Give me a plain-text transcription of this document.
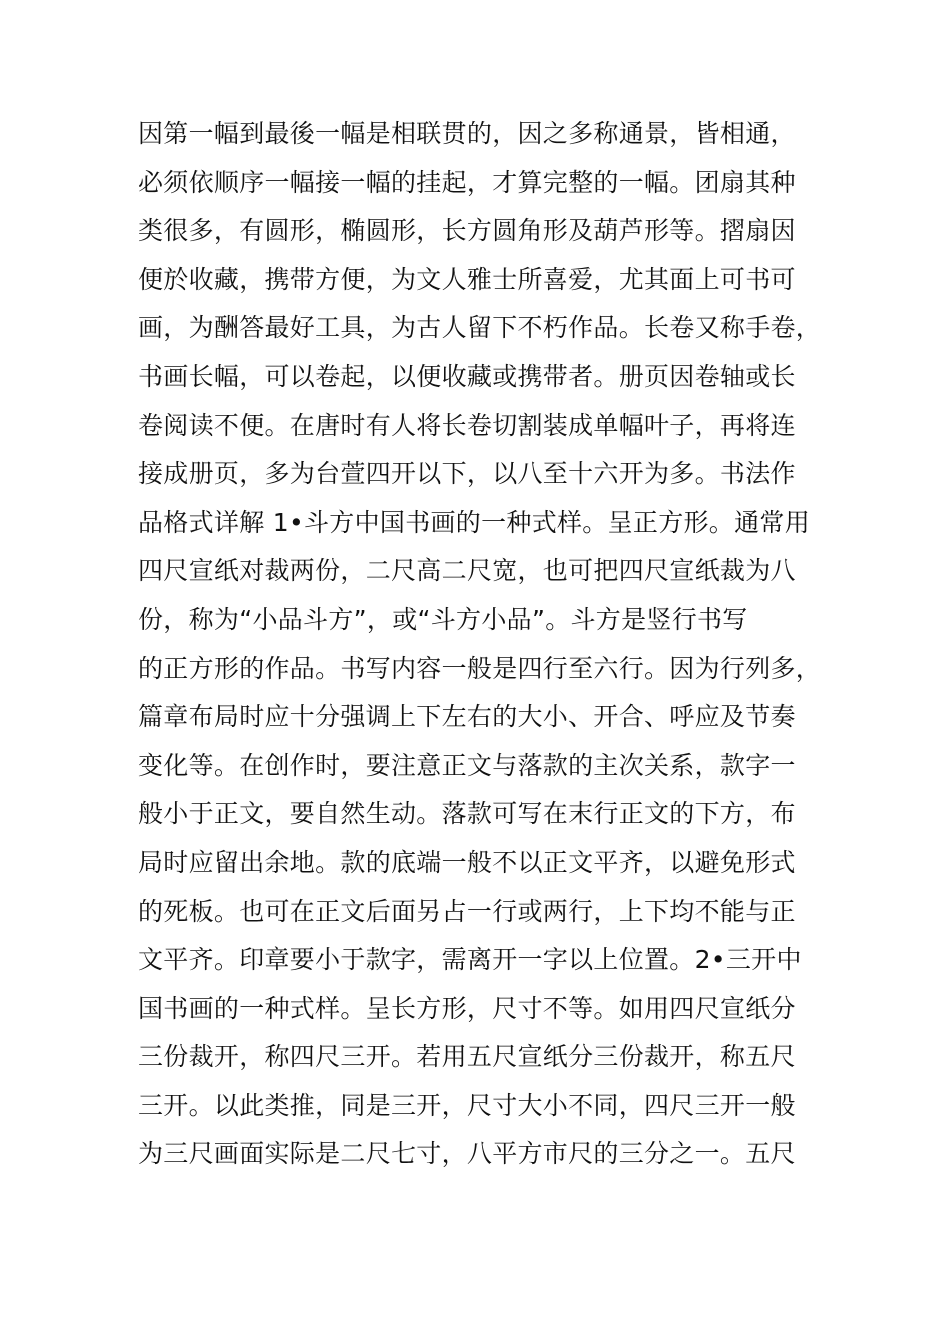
因第一幅到最後一幅是相联贯的，因之多称通景，皆相通，
必须依顺序一幅接一幅的挂起，才算完整的一幅。团扇其种
类很多，有圆形，椭圆形，长方圆角形及葫芦形等。摺扇因
便於收藏，携带方便，为文人雅士所喜爱，尤其面上可书可
画，为酬答最好工具，为古人留下不朽作品。长卷又称手卷，
书画长幅，可以卷起，以便收藏或携带者。册页因卷轴或长
卷阅读不便。在唐时有人将长卷切割装成单幅叶子，再将连
接成册页，多为台萱四开以下，以八至十六开为多。书法作
品格式详解 1•斗方中国书画的一种式样。呈正方形。通常用
四尺宣纸对裁两份，二尺高二尺宽，也可把四尺宣纸裁为八
份，称为“小品斗方”，或“斗方小品”。斗方是竖行书写
的正方形的作品。书写内容一般是四行至六行。因为行列多，
篇章布局时应十分强调上下左右的大小、开合、呼应及节奏
变化等。在创作时，要注意正文与落款的主次关系，款字一
般小于正文，要自然生动。落款可写在末行正文的下方，布
局时应留出余地。款的底端一般不以正文平齐，以避免形式
的死板。也可在正文后面另占一行或两行，上下均不能与正
文平齐。印章要小于款字，需离开一字以上位置。2•三开中
国书画的一种式样。呈长方形，尺寸不等。如用四尺宣纸分
三份裁开，称四尺三开。若用五尺宣纸分三份裁开，称五尺
三开。以此类推，同是三开，尺寸大小不同，四尺三开一般
为三尺画面实际是二尺七寸，八平方市尺的三分之一。五尺
